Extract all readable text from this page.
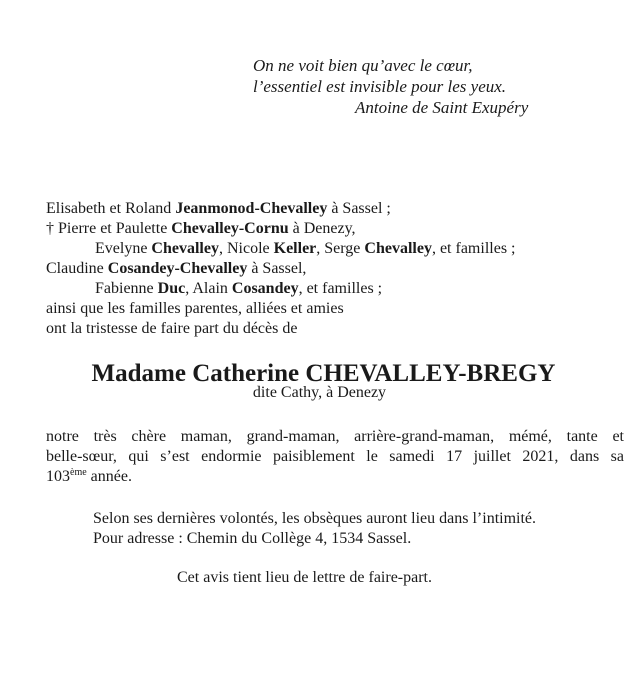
On ne voit bien qu’avec le cœur,
l’essentiel est invisible pour les yeux.
Antoine de Saint Exupéry
Elisabeth et Roland Jeanmonod-Chevalley à Sassel ;
† Pierre et Paulette Chevalley-Cornu à Denezy,
Evelyne Chevalley, Nicole Keller, Serge Chevalley, et familles ;
Claudine Cosandey-Chevalley à Sassel,
Fabienne Duc, Alain Cosandey, et familles ;
ainsi que les familles parentes, alliées et amies
ont la tristesse de faire part du décès de
Madame Catherine CHEVALLEY-BREGY
dite Cathy, à Denezy
notre très chère maman, grand-maman, arrière-grand-maman, mémé, tante et
belle-sœur, qui s’est endormie paisiblement le samedi 17 juillet 2021, dans sa
103ème année.
Selon ses dernières volontés, les obsèques auront lieu dans l’intimité.
Pour adresse : Chemin du Collège 4, 1534 Sassel.
Cet avis tient lieu de lettre de faire-part.
